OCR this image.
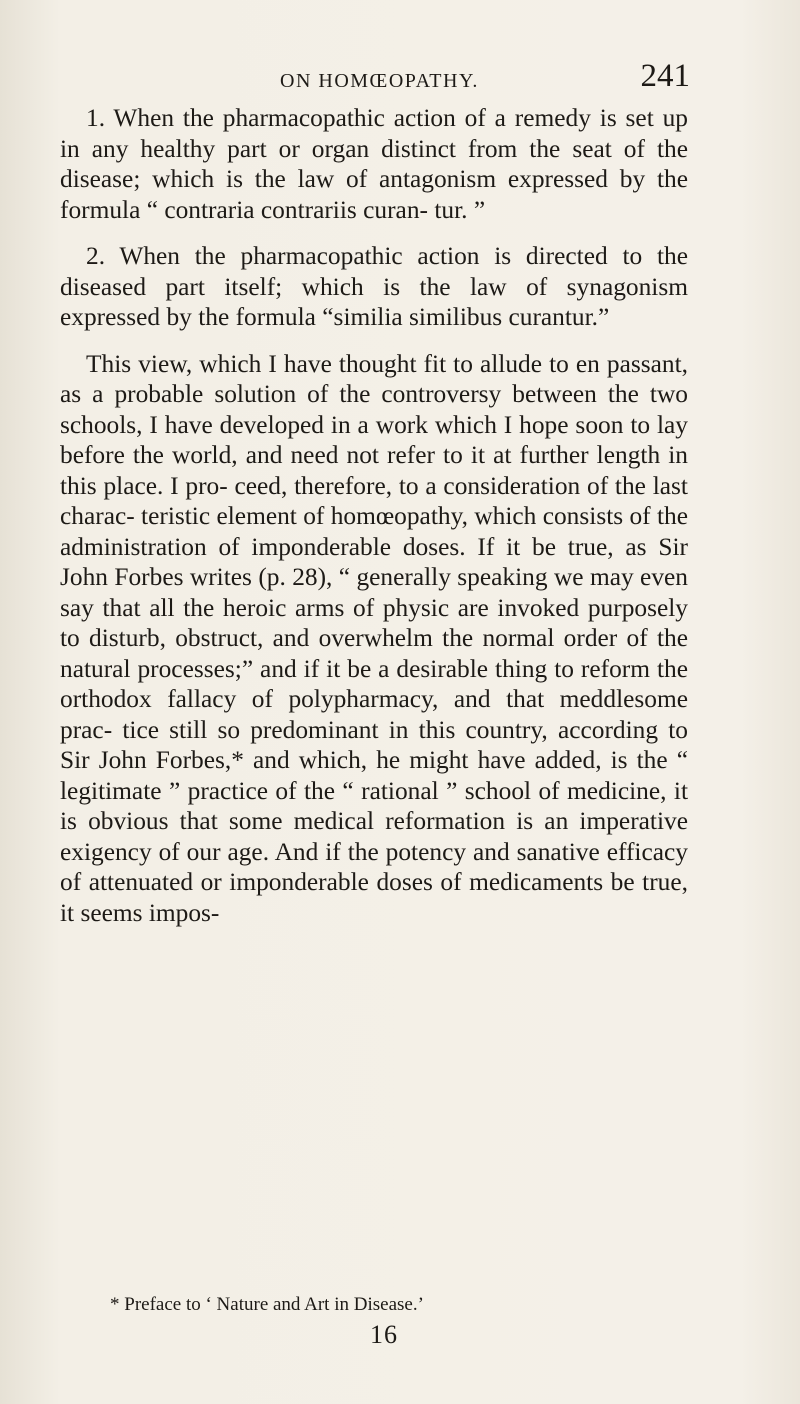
ON HOMŒOPATHY.	241

1. When the pharmacopathic action of a remedy is set up in any healthy part or organ distinct from the seat of the disease; which is the law of antagonism expressed by the formula “ contraria contrariis curan- tur. ”

2. When the pharmacopathic action is directed to the diseased part itself; which is the law of synagonism expressed by the formula “similia similibus curantur.”

This view, which I have thought fit to allude to en passant, as a probable solution of the controversy between the two schools, I have developed in a work which I hope soon to lay before the world, and need not refer to it at further length in this place. I pro- ceed, therefore, to a consideration of the last charac- teristic element of homœopathy, which consists of the administration of imponderable doses. If it be true, as Sir John Forbes writes (p. 28), “ generally speaking we may even say that all the heroic arms of physic are invoked purposely to disturb, obstruct, and overwhelm the normal order of the natural processes;” and if it be a desirable thing to reform the orthodox fallacy of polypharmacy, and that meddlesome prac- tice still so predominant in this country, according to Sir John Forbes,* and which, he might have added, is the “ legitimate ” practice of the “ rational ” school of medicine, it is obvious that some medical reformation is an imperative exigency of our age. And if the potency and sanative efficacy of attenuated or imponderable doses of medicaments be true, it seems impos-

* Preface to ‘ Nature and Art in Disease.’
16
